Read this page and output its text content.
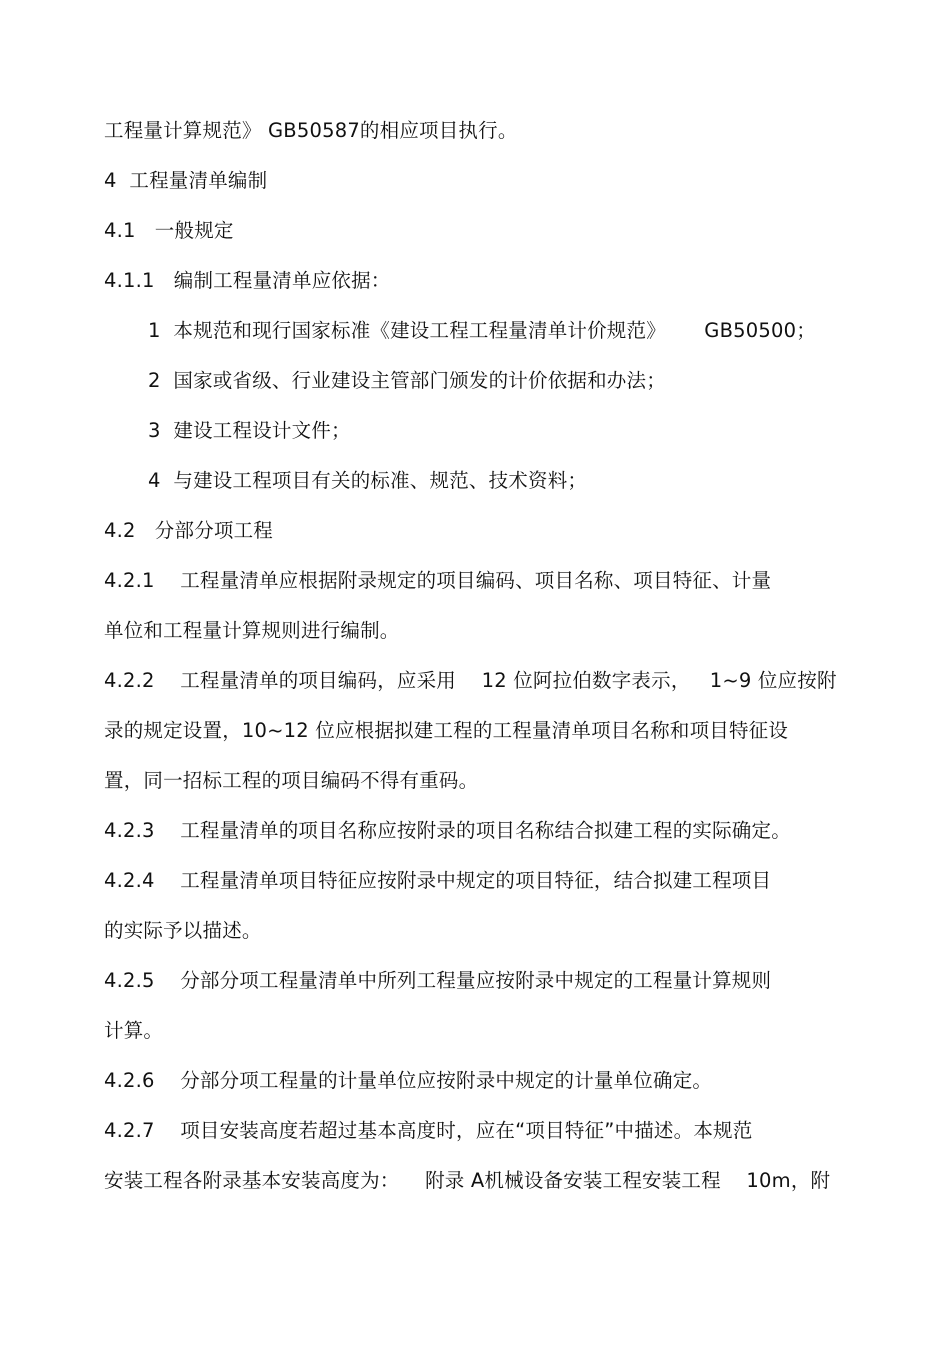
工程量计算规范》 GB50587的相应项目执行。
4  工程量清单编制
4.1   一般规定
4.1.1   编制工程量清单应依据：
1  本规范和现行国家标准《建设工程工程量清单计价规范》      GB50500；
2  国家或省级、行业建设主管部门颁发的计价依据和办法；
3  建设工程设计文件；
4  与建设工程项目有关的标准、规范、技术资料；
4.2   分部分项工程
4.2.1    工程量清单应根据附录规定的项目编码、项目名称、项目特征、计量
单位和工程量计算规则进行编制。
4.2.2    工程量清单的项目编码，应采用    12 位阿拉伯数字表示，   1~9 位应按附
录的规定设置，10~12 位应根据拟建工程的工程量清单项目名称和项目特征设
置，同一招标工程的项目编码不得有重码。
4.2.3    工程量清单的项目名称应按附录的项目名称结合拟建工程的实际确定。
4.2.4    工程量清单项目特征应按附录中规定的项目特征，结合拟建工程项目
的实际予以描述。
4.2.5    分部分项工程量清单中所列工程量应按附录中规定的工程量计算规则
计算。
4.2.6    分部分项工程量的计量单位应按附录中规定的计量单位确定。
4.2.7    项目安装高度若超过基本高度时，应在“项目特征”中描述。本规范
安装工程各附录基本安装高度为：    附录 A机械设备安装工程安装工程    10m，附
